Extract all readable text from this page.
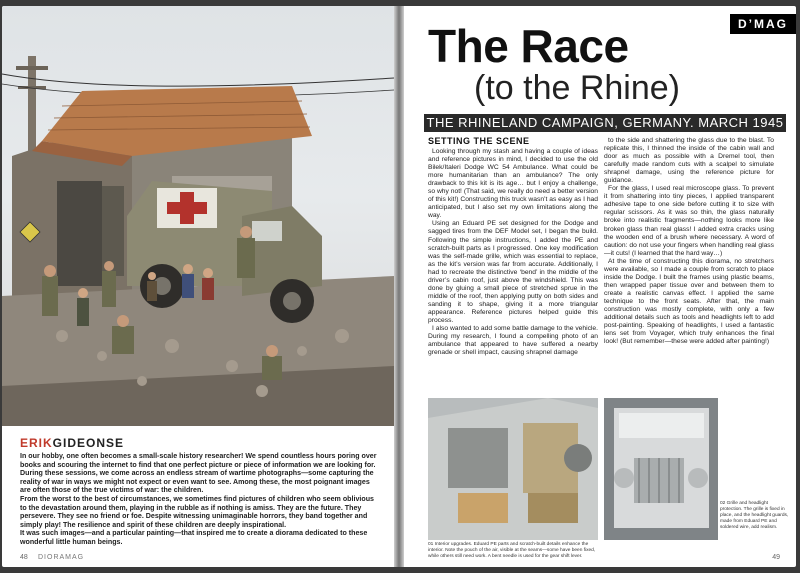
ERIKGIDEONSE
In our hobby, one often becomes a small-scale history researcher! We spend countless hours poring over books and scouring the internet to find that one perfect picture or piece of information we are looking for. During these sessions, we come across an endless stream of wartime photographs—some capturing the reality of war in ways we might not expect or even want to see. Among these, the most poignant images are often those of the true victims of war: the children.
From the worst to the best of circumstances, we sometimes find pictures of children who seem oblivious to the devastation around them, playing in the rubble as if nothing is amiss. They are the future. They persevere. They see no friend or foe. Despite witnessing unimaginable horrors, they band together and simply play! The resilience and spirit of these children are deeply inspirational.
It was such images—and a particular painting—that inspired me to create a diorama dedicated to these wonderful little human beings.
48 DIORAMAG
D’MAG
The Race
(to the Rhine)
THE RHINELAND CAMPAIGN, GERMANY. MARCH 1945
SETTING THE SCENE

Looking through my stash and having a couple of ideas and reference pictures in mind, I decided to use the old Bilek/Italeri Dodge WC 54 Ambulance. What could be more humanitarian than an ambulance? The only drawback to this kit is its age… but I enjoy a challenge, so why not! (That said, we really do need a better version of this kit!) Constructing this truck wasn’t as easy as I had anticipated, but I also set my own limitations along the way.

Using an Eduard PE set designed for the Dodge and sagged tires from the DEF Model set, I began the build. Following the simple instructions, I added the PE and scratch-built parts as I progressed. One key modification was the self-made grille, which was essential to replace, as the kit’s version was far from accurate. Additionally, I had to recreate the distinctive ‘bend’ in the middle of the driver’s cabin roof, just above the windshield. This was done by gluing a small piece of stretched sprue in the middle of the roof, then applying putty on both sides and sanding it to shape, giving it a more triangular appearance. Reference pictures helped guide this process.

I also wanted to add some battle damage to the vehicle. During my research, I found a compelling photo of an ambulance that appeared to have suffered a nearby grenade or shell impact, causing shrapnel damage

to the side and shattering the glass due to the blast. To replicate this, I thinned the inside of the cabin wall and door as much as possible with a Dremel tool, then carefully made random cuts with a scalpel to simulate shrapnel damage, using the reference picture for guidance.

For the glass, I used real microscope glass. To prevent it from shattering into tiny pieces, I applied transparent adhesive tape to one side before cutting it to size with regular scissors. As it was so thin, the glass naturally broke into realistic fragments—nothing looks more like broken glass than real glass! I added extra cracks using the wooden end of a brush where necessary. A word of caution: do not use your fingers when handling real glass—it cuts! (I learned that the hard way…)

At the time of constructing this diorama, no stretchers were available, so I made a couple from scratch to place inside the Dodge. I built the frames using plastic beams, then wrapped paper tissue over and between them to create a realistic canvas effect. I applied the same technique to the front seats. After that, the main construction was mostly complete, with only a few additional details such as tools and headlights left to add post-painting. Speaking of headlights, I used a fantastic lens set from Voyager, which truly enhances the final look! (But remember—these were added after painting!)

01 Interior upgrades. Eduard PE parts and scratch-built details enhance the interior. Note the pouch of the air, visible at the seams—some have been fixed, while others still need work. A bent needle is used for the gear shift lever.
02 Grille and headlight protection. The grille is fixed in place, and the headlight guards, made from Eduard PE and soldered wire, add realism.
49
